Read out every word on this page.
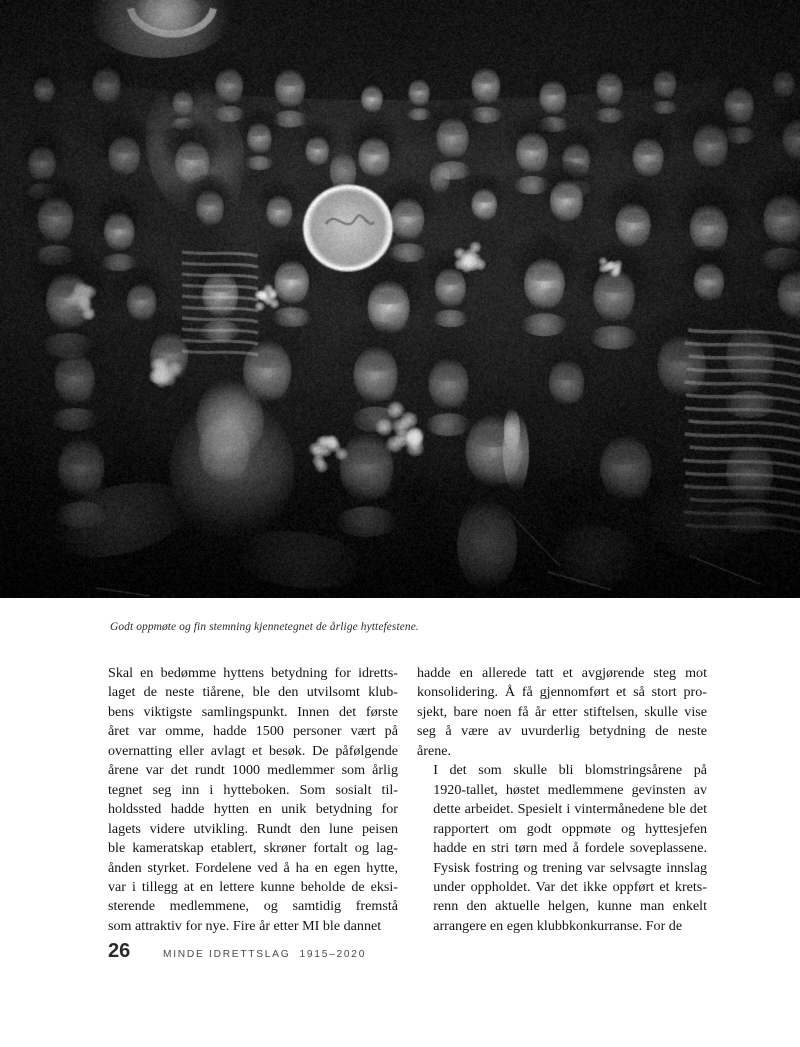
Godt oppmøte og fin stemning kjennetegnet de årlige hyttefestene.

Skal en bedømme hyttens betydning for idretts-
laget de neste tiårene, ble den utvilsomt klub-
bens viktigste samlingspunkt. Innen det første
året var omme, hadde 1500 personer vært på
overnatting eller avlagt et besøk. De påfølgende
årene var det rundt 1000 medlemmer som årlig
tegnet seg inn i hytteboken. Som sosialt til-
holdssted hadde hytten en unik betydning for
lagets videre utvikling. Rundt den lune peisen
ble kameratskap etablert, skrøner fortalt og lag-
ånden styrket. Fordelene ved å ha en egen hytte,
var i tillegg at en lettere kunne beholde de eksi-
sterende medlemmene, og samtidig fremstå
som attraktiv for nye. Fire år etter MI ble dannet

hadde en allerede tatt et avgjørende steg mot
konsolidering. Å få gjennomført et så stort pro-
sjekt, bare noen få år etter stiftelsen, skulle vise
seg å være av uvurderlig betydning de neste
årene.

I det som skulle bli blomstringsårene på
1920-tallet, høstet medlemmene gevinsten av
dette arbeidet. Spesielt i vintermånedene ble det
rapportert om godt oppmøte og hyttesjefen
hadde en stri tørn med å fordele soveplassene.
Fysisk fostring og trening var selvsagte innslag
under oppholdet. Var det ikke oppført et krets-
renn den aktuelle helgen, kunne man enkelt
arrangere en egen klubbkonkurranse. For de

26	MINDE IDRETTSLAG  1915–2020
